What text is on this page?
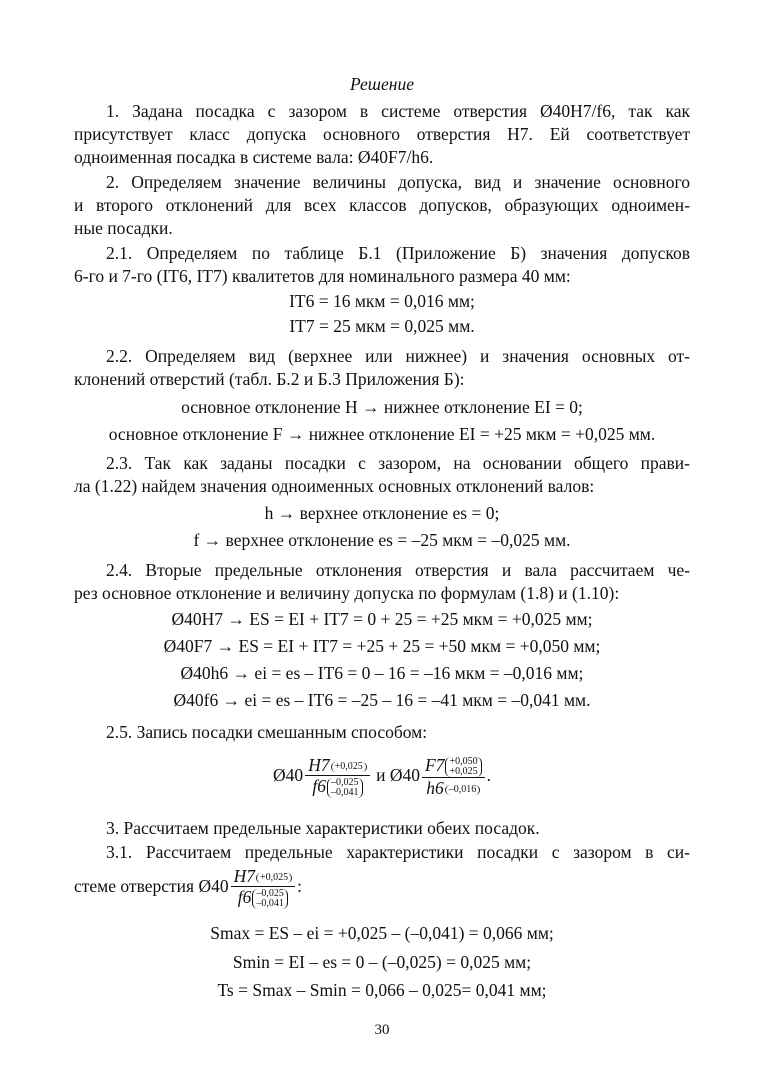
Решение
1. Задана посадка с зазором в системе отверстия Ø40H7/f6, так как
присутствует класс допуска основного отверстия H7. Ей соответствует
одноименная посадка в системе вала: Ø40F7/h6.
2. Определяем значение величины допуска, вид и значение основного
и второго отклонений для всех классов допусков, образующих одноимен-
ные посадки.
2.1. Определяем по таблице Б.1 (Приложение Б) значения допусков
6-го и 7-го (IT6, IT7) квалитетов для номинального размера 40 мм:
IT6 = 16 мкм = 0,016 мм;
IT7 = 25 мкм = 0,025 мм.
2.2. Определяем вид (верхнее или нижнее) и значения основных от-
клонений отверстий (табл. Б.2 и Б.3 Приложения Б):
основное отклонение H → нижнее отклонение EI = 0;
основное отклонение F → нижнее отклонение EI = +25 мкм = +0,025 мм.
2.3. Так как заданы посадки с зазором, на основании общего прави-
ла (1.22) найдем значения одноименных основных отклонений валов:
h → верхнее отклонение es = 0;
f → верхнее отклонение es = –25 мкм = –0,025 мм.
2.4. Вторые предельные отклонения отверстия и вала рассчитаем че-
рез основное отклонение и величину допуска по формулам (1.8) и (1.10):
Ø40H7 → ES = EI + IT7 = 0 + 25 = +25 мкм = +0,025 мм;
Ø40F7 → ES = EI + IT7 = +25 + 25 = +50 мкм = +0,050 мм;
Ø40h6 → ei = es – IT6 = 0 – 16 = –16 мкм = –0,016 мм;
Ø40f6 → ei = es – IT6 = –25 – 16 = –41 мкм = –0,041 мм.
2.5. Запись посадки смешанным способом:
Ø40 H7 +0,025
f6 –0,025
–0,041 и Ø40 F7 +0,050
+0,025
h6 –0,016 .
3. Рассчитаем предельные характеристики обеих посадок.
3.1. Рассчитаем предельные характеристики посадки с зазором в си-
стеме отверстия Ø40 H7 +0,025
f6 –0,025
–0,041 :
Smax = ES – ei = +0,025 – (–0,041) = 0,066 мм;
Smin = EI – es = 0 – (–0,025) = 0,025 мм;
Ts = Smax – Smin = 0,066 – 0,025= 0,041 мм;
30
